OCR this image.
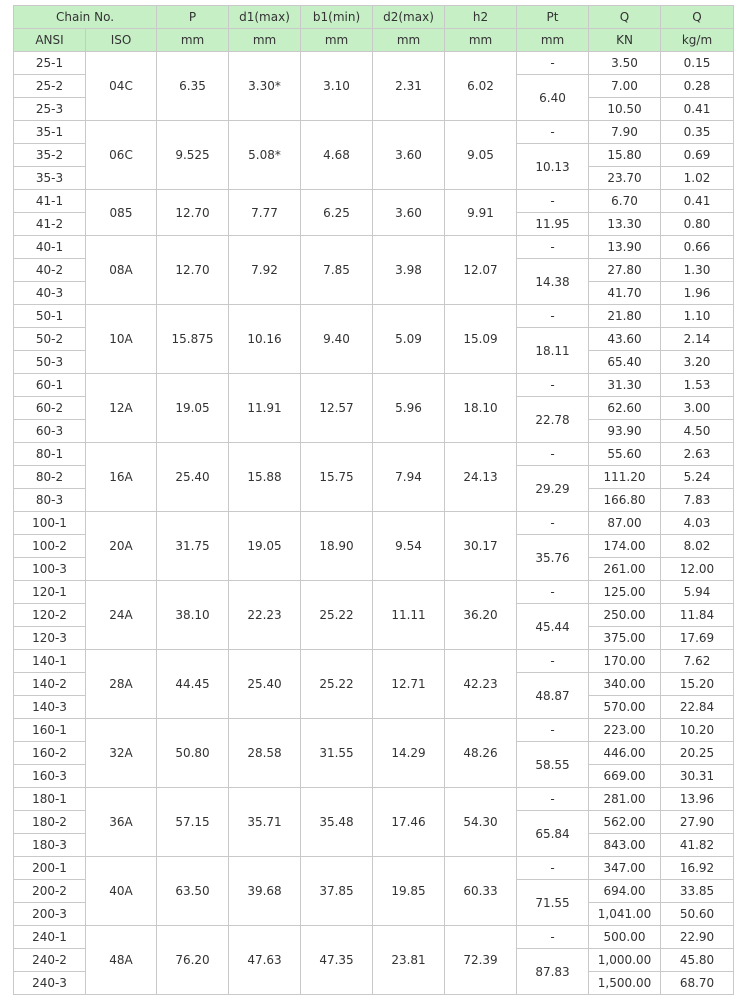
Chain No.		P	d1(max)	b1(min)	d2(max)	h2	Pt	Q	Q
ANSI	ISO	mm	mm	mm	mm	mm	mm	KN	kg/m
25-1	04C	6.35	3.30*	3.10	2.31	6.02	-	3.50	0.15
25-2							6.40	7.00	0.28
25-3								10.50	0.41
35-1	06C	9.525	5.08*	4.68	3.60	9.05	-	7.90	0.35
35-2							10.13	15.80	0.69
35-3								23.70	1.02
41-1	085	12.70	7.77	6.25	3.60	9.91	-	6.70	0.41
41-2							11.95	13.30	0.80
40-1	08A	12.70	7.92	7.85	3.98	12.07	-	13.90	0.66
40-2							14.38	27.80	1.30
40-3								41.70	1.96
50-1	10A	15.875	10.16	9.40	5.09	15.09	-	21.80	1.10
50-2							18.11	43.60	2.14
50-3								65.40	3.20
60-1	12A	19.05	11.91	12.57	5.96	18.10	-	31.30	1.53
60-2							22.78	62.60	3.00
60-3								93.90	4.50
80-1	16A	25.40	15.88	15.75	7.94	24.13	-	55.60	2.63
80-2							29.29	111.20	5.24
80-3								166.80	7.83
100-1	20A	31.75	19.05	18.90	9.54	30.17	-	87.00	4.03
100-2							35.76	174.00	8.02
100-3								261.00	12.00
120-1	24A	38.10	22.23	25.22	11.11	36.20	-	125.00	5.94
120-2							45.44	250.00	11.84
120-3								375.00	17.69
140-1	28A	44.45	25.40	25.22	12.71	42.23	-	170.00	7.62
140-2							48.87	340.00	15.20
140-3								570.00	22.84
160-1	32A	50.80	28.58	31.55	14.29	48.26	-	223.00	10.20
160-2							58.55	446.00	20.25
160-3								669.00	30.31
180-1	36A	57.15	35.71	35.48	17.46	54.30	-	281.00	13.96
180-2							65.84	562.00	27.90
180-3								843.00	41.82
200-1	40A	63.50	39.68	37.85	19.85	60.33	-	347.00	16.92
200-2							71.55	694.00	33.85
200-3								1,041.00	50.60
240-1	48A	76.20	47.63	47.35	23.81	72.39	-	500.00	22.90
240-2							87.83	1,000.00	45.80
240-3								1,500.00	68.70
